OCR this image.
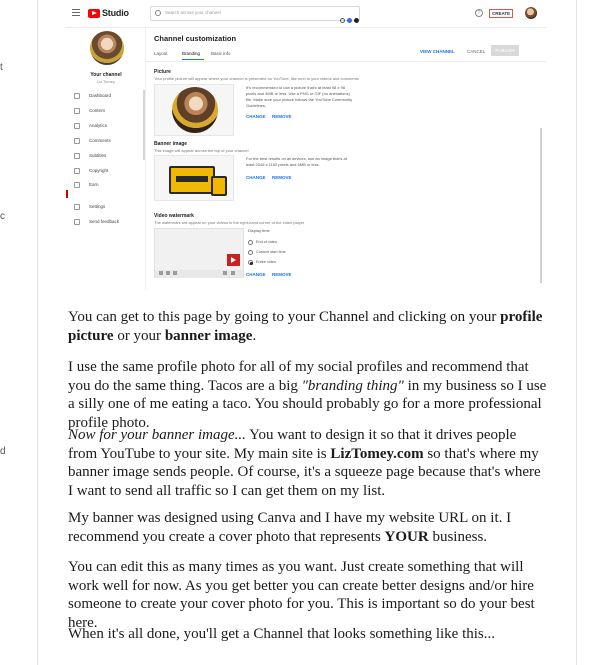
t
c
d
Studio	Search across your channel	?	CREATE
Your channel
Liz Tomey
Dashboard
Content
Analytics
Comments
Subtitles
Copyright
Earn
Settings
Send feedback
Channel customization
Layout	Branding Basic info	VIEW CHANNEL	CANCEL	PUBLISH
Picture
Your profile picture will appear where your channel is presented on YouTube, like next to your videos and comments
It's recommended to use a picture that's at least 98 x 98 pixels and 4MB or less. Use a PNG or GIF (no animations) file. Make sure your picture follows the YouTube Community Guidelines.
CHANGE REMOVE
Banner image
This image will appear across the top of your channel
For the best results on all devices, use an image that's at least 2048 x 1152 pixels and 6MB or less.
CHANGE REMOVE
Video watermark
The watermark will appear on your videos in the right-hand corner of the video player
Display time
End of video
Custom start time
Entire video
CHANGE REMOVE

You can get to this page by going to your Channel and clicking on your profile
picture or your banner image.

I use the same profile photo for all of my social profiles and recommend that you do the same thing. Tacos are a big "branding thing" in my business so I use a silly one of me eating a taco. You should probably go for a more professional profile photo.

Now for your banner image... You want to design it so that it drives people from YouTube to your site. My main site is LizTomey.com so that's where my banner image sends people. Of course, it's a squeeze page because that's where I want to send all traffic so I can get them on my list.

My banner was designed using Canva and I have my website URL on it. I recommend you create a cover photo that represents YOUR business.

You can edit this as many times as you want. Just create something that will work well for now. As you get better you can create better designs and/or hire someone to create your cover photo for you. This is important so do your best here.

When it's all done, you'll get a Channel that looks something like this...
